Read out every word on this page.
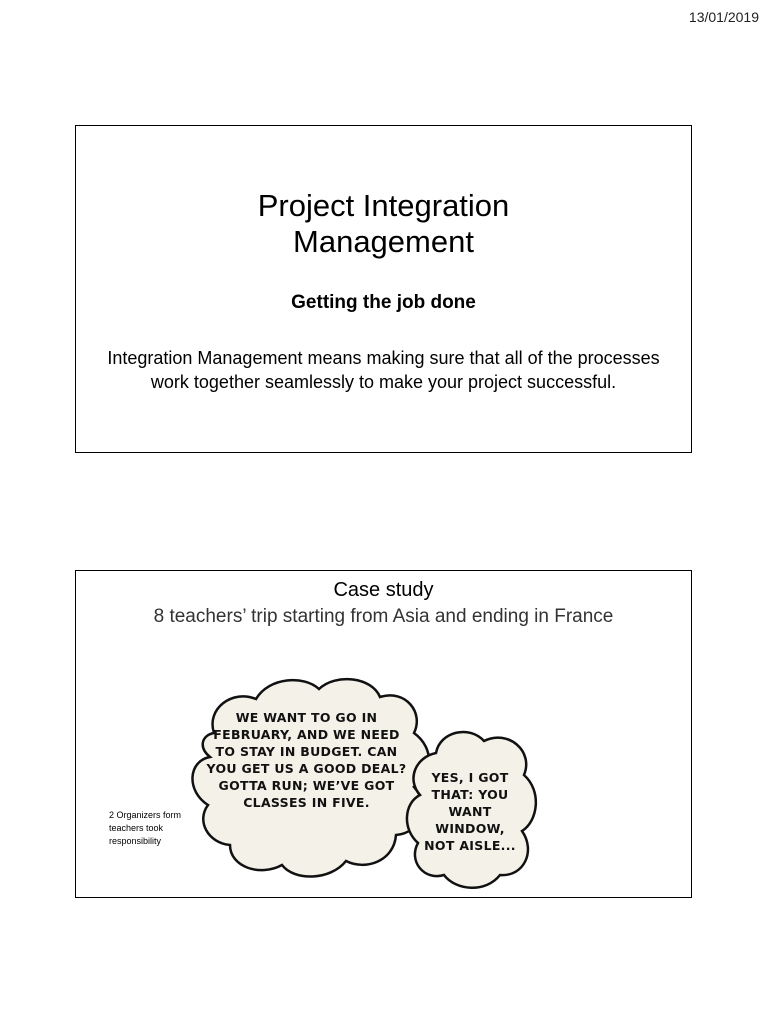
13/01/2019
Project Integration
Management
Getting the job done
Integration Management means making sure that all of the processes work together seamlessly to make your project successful.
Case study
8 teachers’ trip starting from Asia and ending in France
2 Organizers form teachers took responsibility
WE WANT TO GO IN FEBRUARY, AND WE NEED TO STAY IN BUDGET. CAN YOU GET US A GOOD DEAL? GOTTA RUN; WE’VE GOT CLASSES IN FIVE.
YES, I GOT THAT: YOU WANT WINDOW, NOT AISLE...
